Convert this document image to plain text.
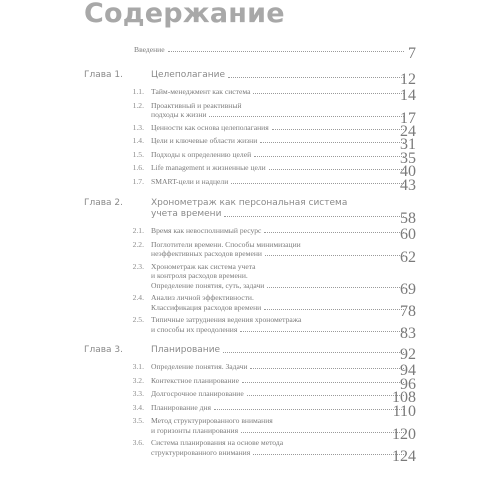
Содержание
Введение	7
Глава 1.	Целеполагание	12
1.1. Тайм-менеджмент как система	14
1.2. Проактивный и реактивный
подходы к жизни	17
1.3. Ценности как основа целеполагания	24
1.4. Цели и ключевые области жизни	31
1.5. Подходы к определению целей	35
1.6. Life management и жизненные цели	40
1.7. SMART-цели и надцели	43
Глава 2.	Хронометраж как персональная система
учета времени	58
2.1. Время как невосполнимый ресурс	60
2.2. Поглотители времени. Способы минимизации
неэффективных расходов времени	62
2.3. Хронометраж как система учета
и контроля расходов времени.
Определение понятия, суть, задачи	69
2.4. Анализ личной эффективности.
Классификация расходов времени	78
2.5. Типичные затруднения ведения хронометража
и способы их преодоления	83
Глава 3.	Планирование	92
3.1. Определение понятия. Задачи	94
3.2. Контекстное планирование	96
3.3. Долгосрочное планирование	108
3.4. Планирование дня	110
3.5. Метод структурированного внимания
и горизонты планирования	120
3.6. Система планирования на основе метода
структурированного внимания	124
